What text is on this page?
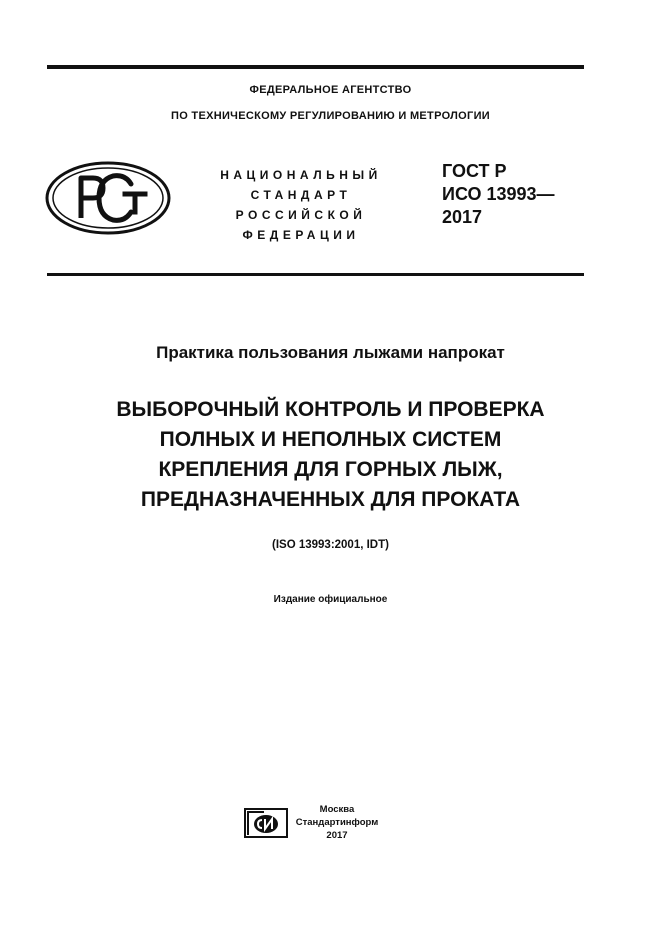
ФЕДЕРАЛЬНОЕ АГЕНТСТВО
ПО ТЕХНИЧЕСКОМУ РЕГУЛИРОВАНИЮ И МЕТРОЛОГИИ
НАЦИОНАЛЬНЫЙ
СТАНДАРТ
РОССИЙСКОЙ
ФЕДЕРАЦИИ
ГОСТ Р
ИСО 13993—
2017
Практика пользования лыжами напрокат
ВЫБОРОЧНЫЙ КОНТРОЛЬ И ПРОВЕРКА
ПОЛНЫХ И НЕПОЛНЫХ СИСТЕМ
КРЕПЛЕНИЯ ДЛЯ ГОРНЫХ ЛЫЖ,
ПРЕДНАЗНАЧЕННЫХ ДЛЯ ПРОКАТА
(ISO 13993:2001, IDT)
Издание официальное
Москва
Стандартинформ
2017
